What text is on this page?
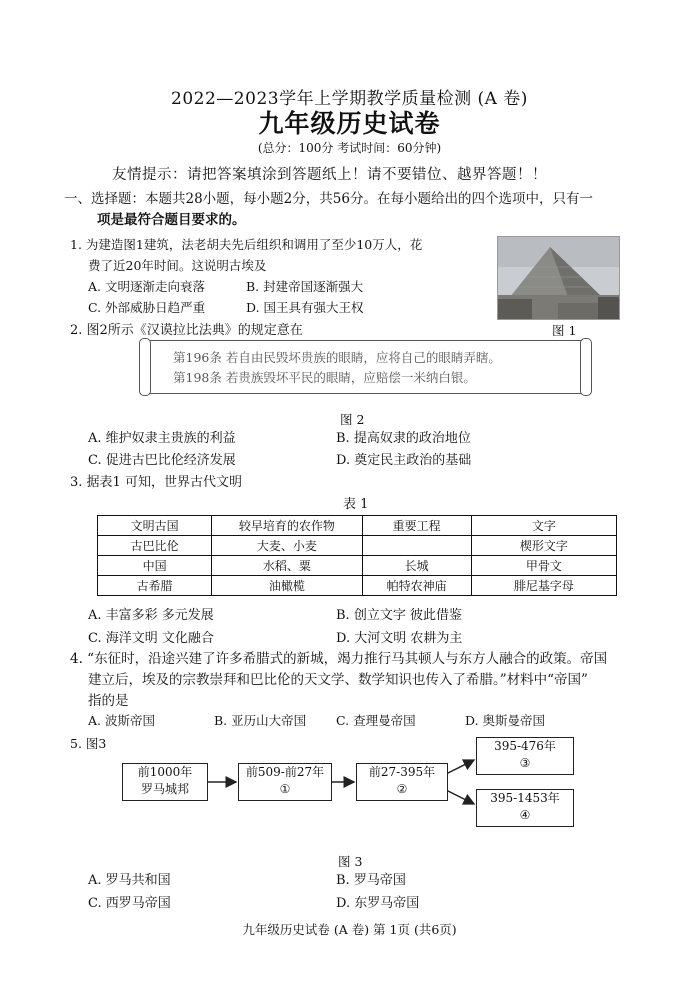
2022—2023学年上学期教学质量检测 (A 卷)
九年级历史试卷
(总分：100分 考试时间：60分钟)
友情提示：请把答案填涂到答题纸上！请不要错位、越界答题！！
一、选择题：本题共28小题，每小题2分，共56分。在每小题给出的四个选项中，只有一
项是最符合题目要求的。
1. 为建造图1建筑，法老胡夫先后组织和调用了至少10万人，花
费了近20年时间。这说明古埃及
A. 文明逐渐走向衰落	B. 封建帝国逐渐强大
C. 外部威胁日趋严重	D. 国王具有强大王权
图 1
2. 图2所示《汉谟拉比法典》的规定意在
第196条 若自由民毁坏贵族的眼睛，应将自己的眼睛弄瞎。
第198条 若贵族毁坏平民的眼睛，应赔偿一米纳白银。
图 2
A. 维护奴隶主贵族的利益	B. 提高奴隶的政治地位
C. 促进古巴比伦经济发展	D. 奠定民主政治的基础
3. 据表1 可知，世界古代文明
表 1
文明古国	较早培育的农作物	重要工程	文字
古巴比伦	大麦、小麦		楔形文字
中国	水稻、粟	长城	甲骨文
古希腊	油橄榄	帕特农神庙	腓尼基字母
A. 丰富多彩 多元发展	B. 创立文字 彼此借鉴
C. 海洋文明 文化融合	D. 大河文明 农耕为主
4. “东征时，沿途兴建了许多希腊式的新城，竭力推行马其顿人与东方人融合的政策。帝国
建立后，埃及的宗教崇拜和巴比伦的天文学、数学知识也传入了希腊。”材料中“帝国”
指的是
A. 波斯帝国	B. 亚历山大帝国 C. 查理曼帝国	D. 奥斯曼帝国
5. 图3
前1000年
罗马城邦
前509-前27年
①
前27-395年
②
395-476年
③
395-1453年
④
图 3
A. 罗马共和国	B. 罗马帝国
C. 西罗马帝国	D. 东罗马帝国
九年级历史试卷 (A 卷) 第 1页 (共6页)
